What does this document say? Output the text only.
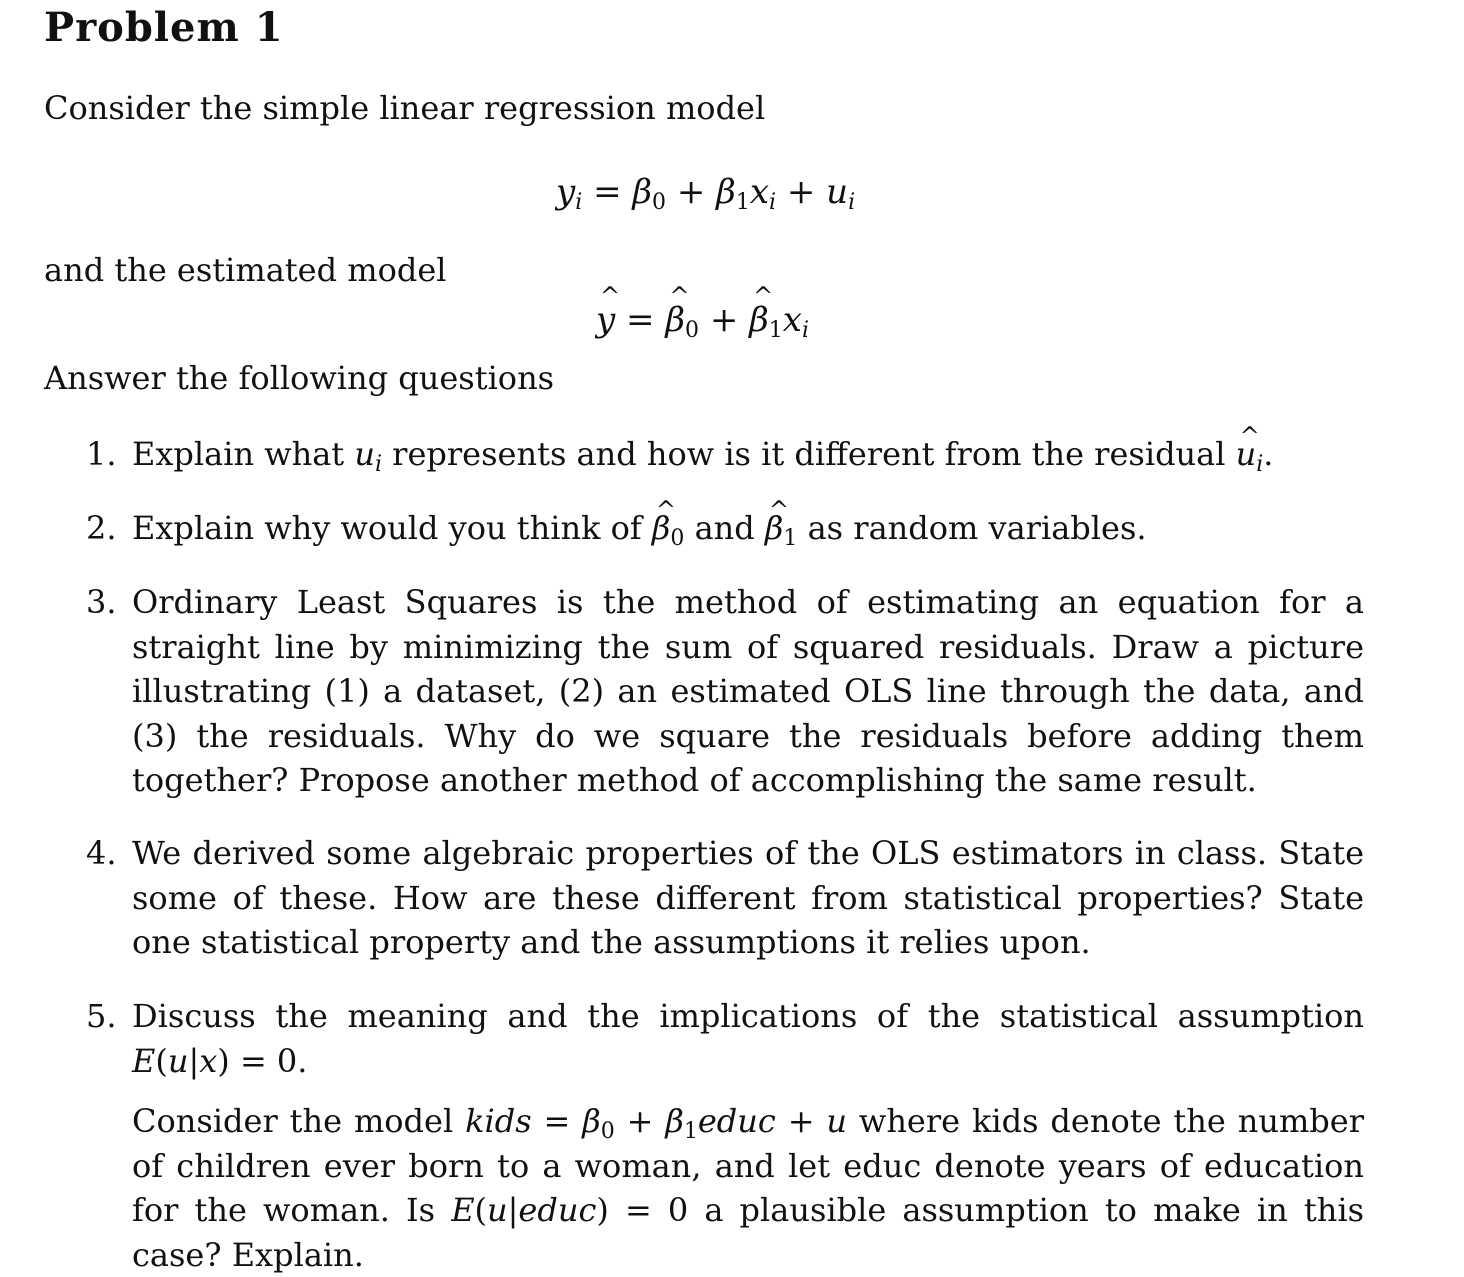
Problem 1
Consider the simple linear regression model
$y_i = \beta_0 + \beta_1x_i + u_i$
and the estimated model
^ y = ^ $\beta_0$ + ^ $\beta_1x_i$
Answer the following questions
1. Explain what $u_i$ represents and how is it different from the residual ^ $u_i$.
2. Explain why would you think of ^ $\beta_0$ and ^ $\beta_1$ as random variables.
3. Ordinary Least Squares is the method of estimating an equation for a straight line by minimizing the sum of squared residuals. Draw a picture illustrating (1) a dataset, (2) an estimated OLS line through the data, and (3) the residuals. Why do we square the residuals before adding them together? Propose another method of accomplishing the same result.
4. We derived some algebraic properties of the OLS estimators in class. State some of these. How are these different from statistical properties? State one statistical property and the assumptions it relies upon.
5. Discuss the meaning and the implications of the statistical assumption E(u|x) = 0.

Consider the model kids = $\beta_0$ + $\beta_1educ + u$ where kids denote the number of children ever born to a woman, and let educ denote years of education for the woman. Is E(u|educ) = 0 a plausible assumption to make in this case? Explain.
